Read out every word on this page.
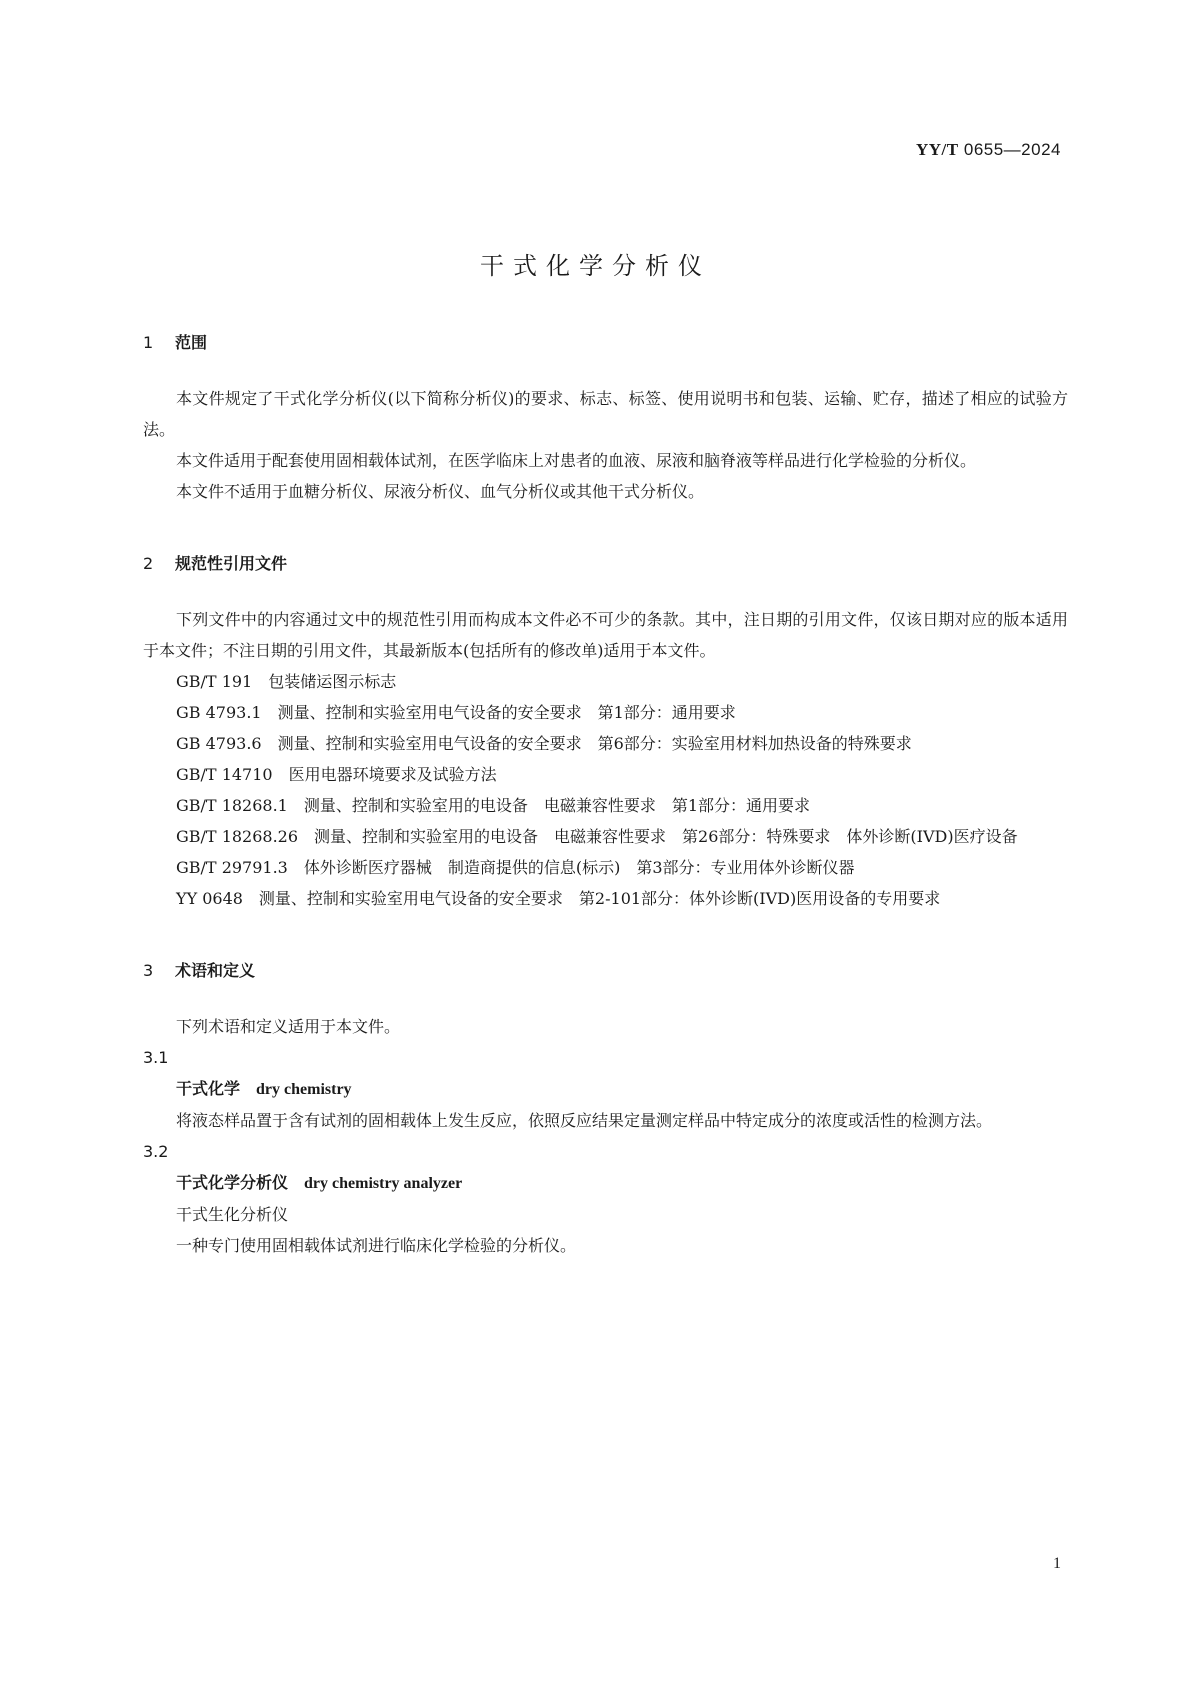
YY/T 0655—2024
干式化学分析仪

1 范围

本文件规定了干式化学分析仪(以下简称分析仪)的要求、标志、标签、使用说明书和包装、运输、贮存，描述了相应的试验方法。

本文件适用于配套使用固相载体试剂，在医学临床上对患者的血液、尿液和脑脊液等样品进行化学检验的分析仪。

本文件不适用于血糖分析仪、尿液分析仪、血气分析仪或其他干式分析仪。

2 规范性引用文件

下列文件中的内容通过文中的规范性引用而构成本文件必不可少的条款。其中，注日期的引用文件，仅该日期对应的版本适用于本文件；不注日期的引用文件，其最新版本(包括所有的修改单)适用于本文件。

GB/T 191　包装储运图示标志

GB 4793.1　测量、控制和实验室用电气设备的安全要求　第1部分：通用要求

GB 4793.6　测量、控制和实验室用电气设备的安全要求　第6部分：实验室用材料加热设备的特殊要求

GB/T 14710　医用电器环境要求及试验方法

GB/T 18268.1　测量、控制和实验室用的电设备　电磁兼容性要求　第1部分：通用要求

GB/T 18268.26　测量、控制和实验室用的电设备　电磁兼容性要求　第26部分：特殊要求　体外诊断(IVD)医疗设备

GB/T 29791.3　体外诊断医疗器械　制造商提供的信息(标示)　第3部分：专业用体外诊断仪器

YY 0648　测量、控制和实验室用电气设备的安全要求　第2-101部分：体外诊断(IVD)医用设备的专用要求

3 术语和定义

下列术语和定义适用于本文件。

3.1

干式化学 dry chemistry

将液态样品置于含有试剂的固相载体上发生反应，依照反应结果定量测定样品中特定成分的浓度或活性的检测方法。

3.2

干式化学分析仪 dry chemistry analyzer

干式生化分析仪

一种专门使用固相载体试剂进行临床化学检验的分析仪。

1
